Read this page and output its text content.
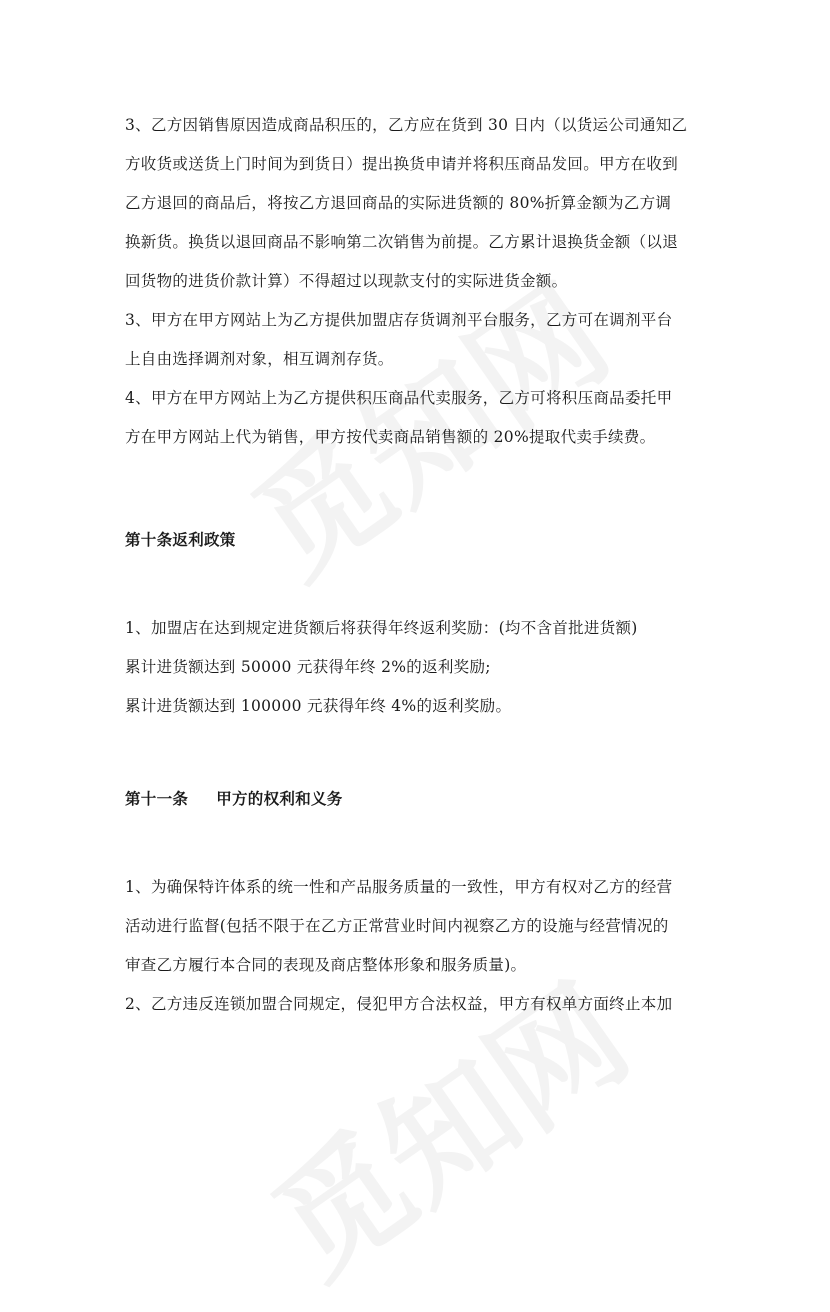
3、乙方因销售原因造成商品积压的，乙方应在货到 30 日内（以货运公司通知乙
方收货或送货上门时间为到货日）提出换货申请并将积压商品发回。甲方在收到
乙方退回的商品后，将按乙方退回商品的实际进货额的 80%折算金额为乙方调
换新货。换货以退回商品不影响第二次销售为前提。乙方累计退换货金额（以退
回货物的进货价款计算）不得超过以现款支付的实际进货金额。
3、甲方在甲方网站上为乙方提供加盟店存货调剂平台服务，乙方可在调剂平台
上自由选择调剂对象，相互调剂存货。
4、甲方在甲方网站上为乙方提供积压商品代卖服务，乙方可将积压商品委托甲
方在甲方网站上代为销售，甲方按代卖商品销售额的 20%提取代卖手续费。
第十条返利政策
1、加盟店在达到规定进货额后将获得年终返利奖励：(均不含首批进货额)
累计进货额达到 50000 元获得年终 2%的返利奖励;
累计进货额达到 100000 元获得年终 4%的返利奖励。
第十一条 甲方的权利和义务
1、为确保特许体系的统一性和产品服务质量的一致性，甲方有权对乙方的经营
活动进行监督(包括不限于在乙方正常营业时间内视察乙方的设施与经营情况的
审查乙方履行本合同的表现及商店整体形象和服务质量)。
2、乙方违反连锁加盟合同规定，侵犯甲方合法权益，甲方有权单方面终止本加
